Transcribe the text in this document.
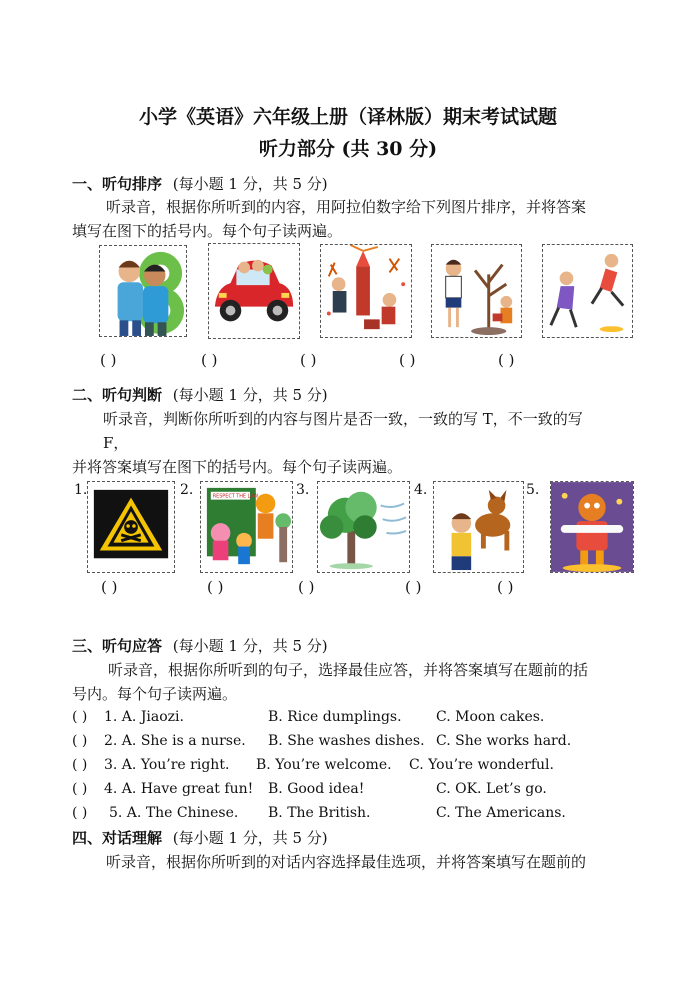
小学《英语》六年级上册（译林版）期末考试试题
听力部分 (共 30 分)
一、听句排序 (每小题 1 分，共 5 分)
听录音，根据你所听到的内容，用阿拉伯数字给下列图片排序，并将答案
填写在图下的括号内。每个句子读两遍。
( )	( )	( )	( )	( )
二、听句判断 (每小题 1 分，共 5 分)
听录音，判断你所听到的内容与图片是否一致，一致的写 T，不一致的写
F，
并将答案填写在图下的括号内。每个句子读两遍。
1.	2.	3.	4.	5.
RESPECT THE LAW
( )	( )	( )	( )	( )
三、听句应答 (每小题 1 分，共 5 分)
听录音，根据你所听到的句子，选择最佳应答，并将答案填写在题前的括
号内。每个句子读两遍。
( ) 1. A. Jiaozi.	B. Rice dumplings. C. Moon cakes.
( ) 2. A. She is a nurse. B. She washes dishes. C. She works hard.
( ) 3. A. You’re right. B. You’re welcome. C. You’re wonderful.
( ) 4. A. Have great fun! B. Good idea!	C. OK. Let’s go.
( ) 5. A. The Chinese. B. The British.	C. The Americans.
四、对话理解 (每小题 1 分，共 5 分)
听录音，根据你所听到的对话内容选择最佳选项，并将答案填写在题前的
